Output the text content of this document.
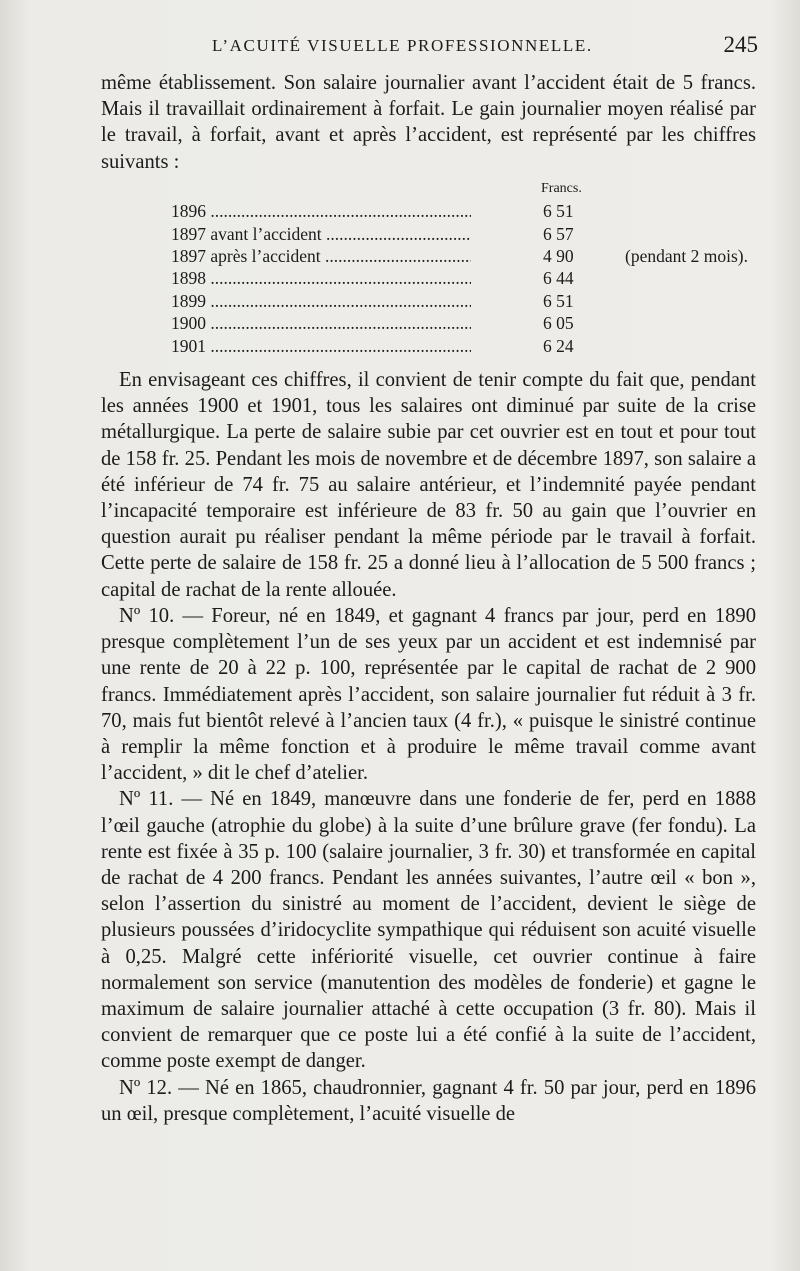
L’ACUITÉ VISUELLE PROFESSIONNELLE.	245

même établissement. Son salaire journalier avant l’accident était de 5 francs. Mais il travaillait ordinairement à forfait. Le gain journalier moyen réalisé par le travail, à forfait, avant et après l’accident, est représenté par les chiffres suivants :

Francs.
1896 .....	6 51
1897 avant l’accident .....	6 57
1897 après l’accident .....	4 90	(pendant 2 mois).
1898 .....	6 44
1899 .....	6 51
1900 .....	6 05
1901 .....	6 24

En envisageant ces chiffres, il convient de tenir compte du fait que, pendant les années 1900 et 1901, tous les salaires ont diminué par suite de la crise métallurgique. La perte de salaire subie par cet ouvrier est en tout et pour tout de 158 fr. 25. Pendant les mois de novembre et de décembre 1897, son salaire a été inférieur de 74 fr. 75 au salaire antérieur, et l’indemnité payée pendant l’incapacité temporaire est inférieure de 83 fr. 50 au gain que l’ouvrier en question aurait pu réaliser pendant la même période par le travail à forfait. Cette perte de salaire de 158 fr. 25 a donné lieu à l’allocation de 5 500 francs ; capital de rachat de la rente allouée.

Nº 10. — Foreur, né en 1849, et gagnant 4 francs par jour, perd en 1890 presque complètement l’un de ses yeux par un accident et est indemnisé par une rente de 20 à 22 p. 100, représentée par le capital de rachat de 2 900 francs. Immédiatement après l’accident, son salaire journalier fut réduit à 3 fr. 70, mais fut bientôt relevé à l’ancien taux (4 fr.), « puisque le sinistré continue à remplir la même fonction et à produire le même travail comme avant l’accident, » dit le chef d’atelier.

Nº 11. — Né en 1849, manœuvre dans une fonderie de fer, perd en 1888 l’œil gauche (atrophie du globe) à la suite d’une brûlure grave (fer fondu). La rente est fixée à 35 p. 100 (salaire journalier, 3 fr. 30) et transformée en capital de rachat de 4 200 francs. Pendant les années suivantes, l’autre œil « bon », selon l’assertion du sinistré au moment de l’accident, devient le siège de plusieurs poussées d’iridocyclite sympathique qui réduisent son acuité visuelle à 0,25. Malgré cette infériorité visuelle, cet ouvrier continue à faire normalement son service (manutention des modèles de fonderie) et gagne le maximum de salaire journalier attaché à cette occupation (3 fr. 80). Mais il convient de remarquer que ce poste lui a été confié à la suite de l’accident, comme poste exempt de danger.

Nº 12. — Né en 1865, chaudronnier, gagnant 4 fr. 50 par jour, perd en 1896 un œil, presque complètement, l’acuité visuelle de
